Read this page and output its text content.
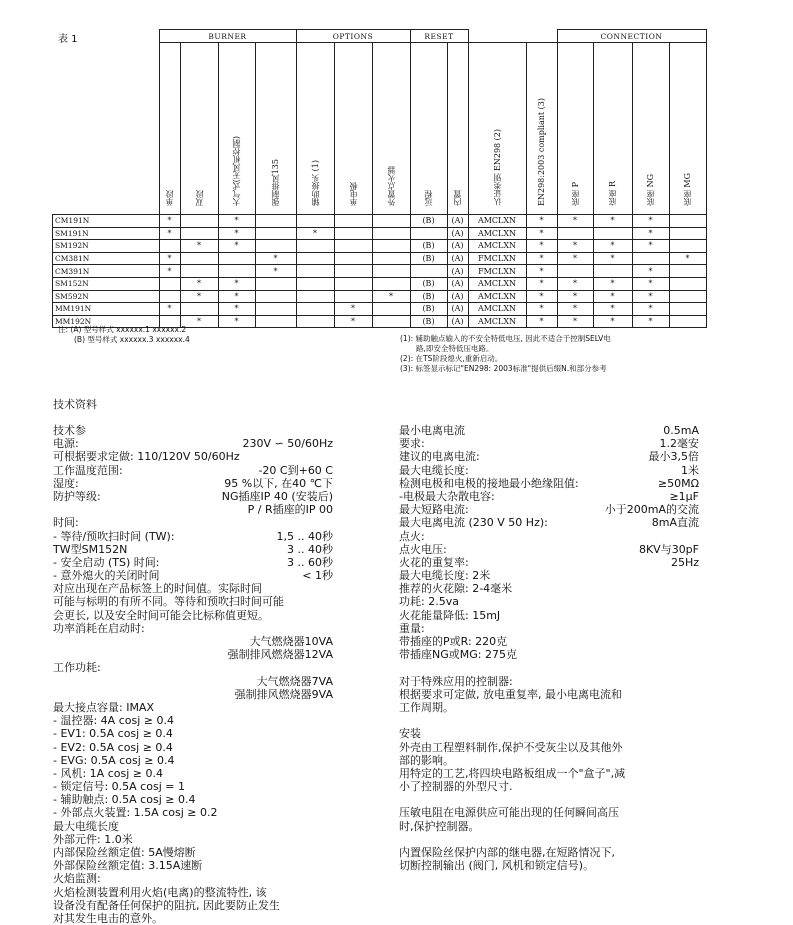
表 1
		BURNER				OPTIONS			RESET				CONNECTION			
	单段	双段	大气式(无风机控制)	强制排风135	辅助接头 (1)	单电极	外置点火器	远程	内置	认证类别 EN298 (2)	EN298:2003 compliant (3)	底座 P	底座 R	底座 NG	底座 MG
CM191N	*		*					(B)	(A)	AMCLXN	*	*	*	*	
SM191N	*		*		*				(A)	AMCLXN	*			*	
SM192N		*	*					(B)	(A)	AMCLXN	*	*	*	*	
CM381N	*			*				(B)	(A)	FMCLXN	*	*	*		*
CM391N	*			*					(A)	FMCLXN	*			*	
SM152N		*	*					(B)	(A)	AMCLXN	*	*	*	*	
SM592N		*	*				*	(B)	(A)	AMCLXN	*	*	*	*	
MM191N	*		*			*		(B)	(A)	AMCLXN	*	*	*	*	
MM192N		*	*			*		(B)	(A)	AMCLXN	*	*	*	*	
注: (A) 型号样式 xxxxxx.1 xxxxxx.2
(B) 型号样式 xxxxxx.3 xxxxxx.4	(1): 辅助触点输入的不安全特低电压, 因此不适合于控制SELV电
路,即安全特低压电路。
(2): 在TS阶段熄火,重新启动。
(3): 标签显示标记"EN298: 2003标准"提供后缀N.和部分参考
技术资料
技术参
电源:	230V ∽ 50/60Hz
可根据要求定做: 110/120V 50/60Hz
工作温度范围:	-20 C到+60 C
湿度:	95 %以下, 在40 ℃下
防护等级:	NG插座IP 40 (安装后)
P / R插座的IP 00
时间:
- 等待/预吹扫时间 (TW):	1,5 .. 40秒
TW型SM152N	3 .. 40秒
- 安全启动 (TS) 时间:	3 .. 60秒
- 意外熄火的关闭时间	< 1秒
对应出现在产品标签上的时间值。实际时间
可能与标明的有所不同。等待和预吹扫时间可能
会更长, 以及安全时间可能会比标称值更短。
功率消耗在启动时:
大气燃烧器10VA
强制排风燃烧器12VA
工作功耗:
大气燃烧器7VA
强制排风燃烧器9VA
最大接点容量: IMAX
- 温控器: 4A cosj ≥ 0.4
- EV1: 0.5A cosj ≥ 0.4
- EV2: 0.5A cosj ≥ 0.4
- EVG: 0.5A cosj ≥ 0.4
- 风机: 1A cosj ≥ 0.4
- 锁定信号: 0.5A cosj = 1
- 辅助触点: 0.5A cosj ≥ 0.4
- 外部点火装置: 1.5A cosj ≥ 0.2
最大电缆长度
外部元件: 1.0米
内部保险丝额定值: 5A慢熔断
外部保险丝额定值: 3.15A速断
火焰监测:
火焰检测装置利用火焰(电离)的整流特性, 该
设备没有配备任何保护的阻抗, 因此要防止发生
对其发生电击的意外。
最小电离电流	0.5mA
要求:	1.2毫安
建议的电离电流:	最小3,5倍
最大电缆长度:	1米
检测电极和电极的接地最小绝缘阻值:	≥50MΩ
-电极最大杂散电容:	≥1μF
最大短路电流:	小于200mA的交流
最大电离电流 (230 V 50 Hz):	8mA直流
点火:
点火电压:	8KV与30pF
火花的重复率:	25Hz
最大电缆长度: 2米
推荐的火花隙: 2-4毫米
功耗: 2.5va
火花能量降低: 15mJ
重量:
带插座的P或R: 220克
带插座NG或MG: 275克
对于特殊应用的控制器:
根据要求可定做, 放电重复率, 最小电离电流和
工作周期。
安装
外壳由工程塑料制作,保护不受灰尘以及其他外
部的影响。
用特定的工艺,将四块电路板组成一个"盒子",减
小了控制器的外型尺寸.
压敏电阻在电源供应可能出现的任何瞬间高压
时,保护控制器。
内置保险丝保护内部的继电器,在短路情况下,
切断控制输出 (阀门, 风机和锁定信号)。
